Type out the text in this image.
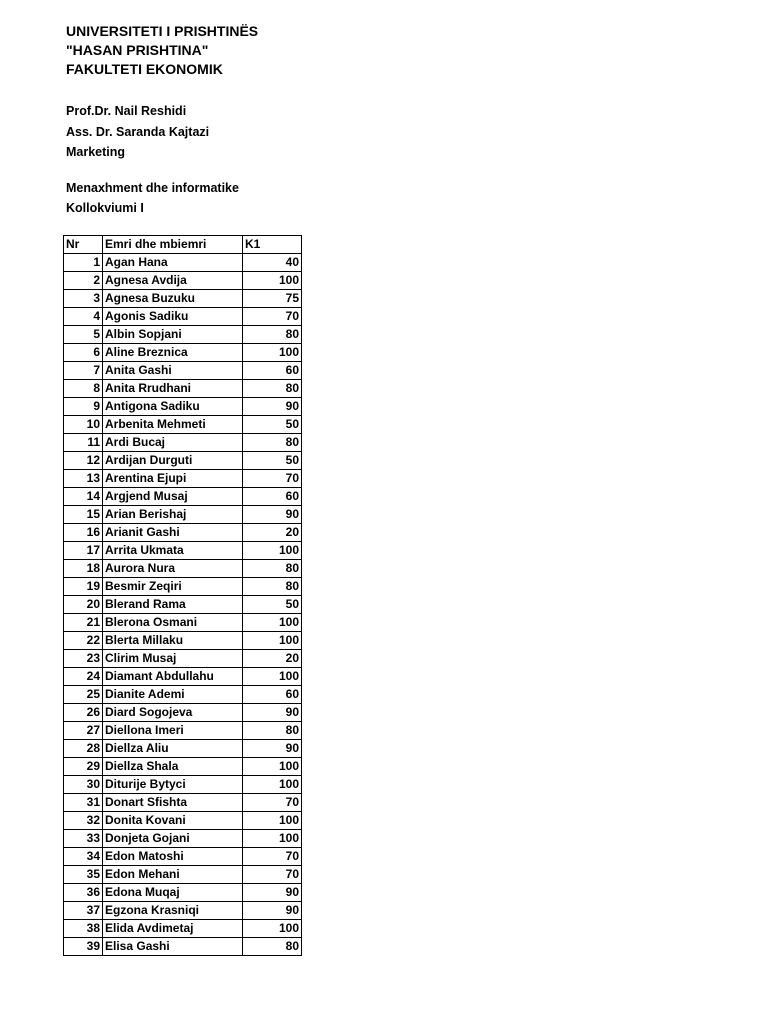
UNIVERSITETI I PRISHTINËS
"HASAN PRISHTINA"
FAKULTETI EKONOMIK
Prof.Dr. Nail Reshidi
Ass. Dr. Saranda Kajtazi
Marketing
Menaxhment dhe informatike
Kollokviumi I
Nr	Emri dhe mbiemri	K1
1	Agan Hana	40
2	Agnesa Avdija	100
3	Agnesa Buzuku	75
4	Agonis Sadiku	70
5	Albin Sopjani	80
6	Aline Breznica	100
7	Anita Gashi	60
8	Anita Rrudhani	80
9	Antigona Sadiku	90
10	Arbenita Mehmeti	50
11	Ardi Bucaj	80
12	Ardijan Durguti	50
13	Arentina Ejupi	70
14	Argjend Musaj	60
15	Arian Berishaj	90
16	Arianit Gashi	20
17	Arrita Ukmata	100
18	Aurora Nura	80
19	Besmir Zeqiri	80
20	Blerand Rama	50
21	Blerona Osmani	100
22	Blerta Millaku	100
23	Clirim Musaj	20
24	Diamant Abdullahu	100
25	Dianite Ademi	60
26	Diard Sogojeva	90
27	Diellona Imeri	80
28	Diellza Aliu	90
29	Diellza Shala	100
30	Diturije Bytyci	100
31	Donart Sfishta	70
32	Donita Kovani	100
33	Donjeta Gojani	100
34	Edon Matoshi	70
35	Edon Mehani	70
36	Edona Muqaj	90
37	Egzona Krasniqi	90
38	Elida Avdimetaj	100
39	Elisa Gashi	80
